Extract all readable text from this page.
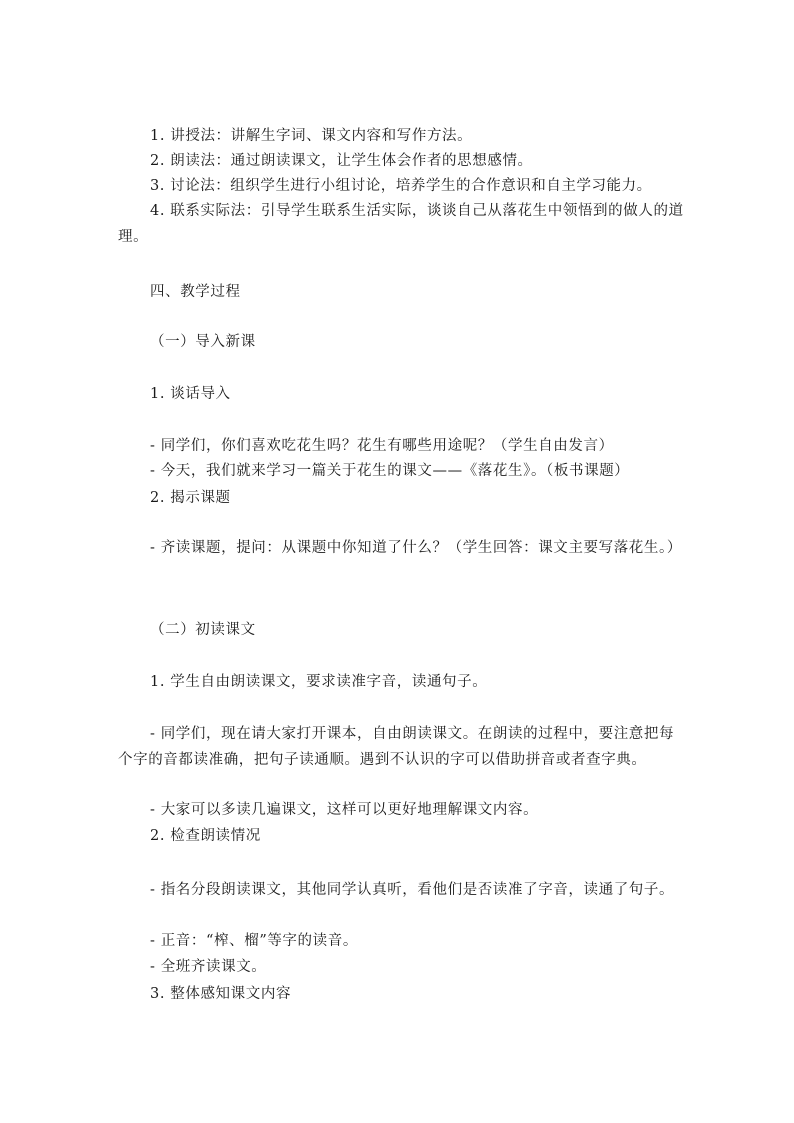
1. 讲授法：讲解生字词、课文内容和写作方法。
2. 朗读法：通过朗读课文，让学生体会作者的思想感情。
3. 讨论法：组织学生进行小组讨论，培养学生的合作意识和自主学习能力。
4. 联系实际法：引导学生联系生活实际，谈谈自己从落花生中领悟到的做人的道理。
四、教学过程
（一）导入新课
1. 谈话导入
- 同学们，你们喜欢吃花生吗？花生有哪些用途呢？（学生自由发言）
- 今天，我们就来学习一篇关于花生的课文——《落花生》。（板书课题）
2. 揭示课题
- 齐读课题，提问：从课题中你知道了什么？（学生回答：课文主要写落花生。）
（二）初读课文
1. 学生自由朗读课文，要求读准字音，读通句子。
- 同学们，现在请大家打开课本，自由朗读课文。在朗读的过程中，要注意把每个字的音都读准确，把句子读通顺。遇到不认识的字可以借助拼音或者查字典。
- 大家可以多读几遍课文，这样可以更好地理解课文内容。
2. 检查朗读情况
- 指名分段朗读课文，其他同学认真听，看他们是否读准了字音，读通了句子。
- 正音：“榨、榴”等字的读音。
- 全班齐读课文。
3. 整体感知课文内容
